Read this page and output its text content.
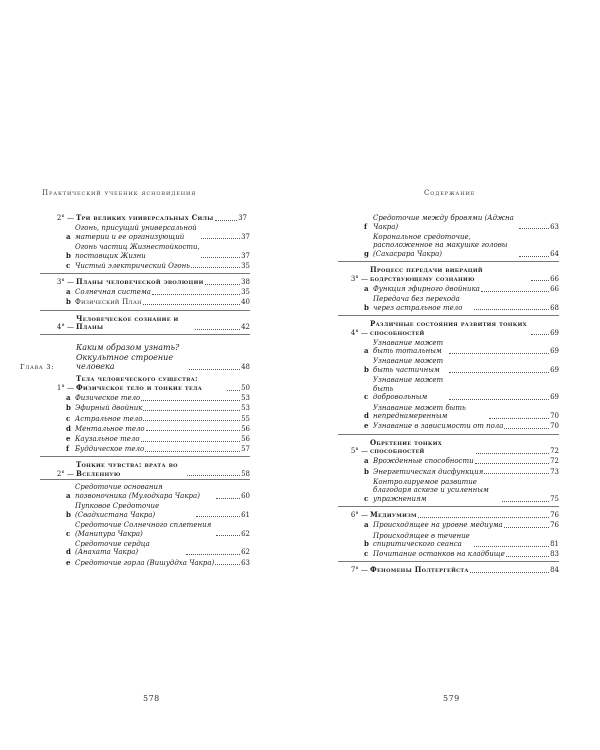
Практический учебник ясновидения
2° — Три великих универсальных Силы	37
a
Огонь, присущий универсальной материи и ее организующий	37
b
Огонь частиц Жизнестойкости, поставщик Жизни	37
c Чистый электрический Огонь	35
3° — Планы человеческой эволюции	38
a Солнечная система	35
b Физический План	40
4° —
Человеческое сознание и Планы	42
Глава 3:
Каким образом узнать? Оккультное строение человека	48
1° —
Тела человеческого существа: Физическое тело и тонкие тела	50
a Физическое тело	53
b Эфирный двойник	53
c Астральное тело	55
d Ментальное тело	56
e Каузальное тело	56
f Буддическое тело	57
2° —
Тонкие чувства: врата во Вселенную	58
a
Средоточие основания позвоночника (Мулодхара Чакра)	60
b
Пупковое Средоточие (Свадхистана Чакра)	61
c
Средоточие Солнечного сплетения (Манипура Чакра)	62
d
Средоточие сердца (Анахата Чакра)	62
e Средоточие горла (Вишуддха Чакра)	63
578
Содержание
f
Средоточие между бровями (Аджна Чакра)	63
g
Корональное средоточие, расположенное на макушке головы (Сахасрара Чакра)	64
3° —
Процесс передачи вибраций бодрствующему сознанию	66
a Функция эфирного двойника	66
b
Передача без перехода через астральное тело	68
4° —
Различные состояния развития тонких способностей	69
a
Узнавание может быть тотальным	69
b
Узнавание может быть частичным	69
c
Узнавание может быть добровольным	69
d
Узнавание может быть непреднамеренным	70
e Узнавание в зависимости от пола	70
5° —
Обретение тонких способностей	72
a Врожденные способности	72
b Энергетическая дисфункция	73
c
Контролируемое развитие благодаря аскезе и усиленным упражнениям	75
6° — Медиумизм	76
a Происходящее на уровне медиума	76
b
Происходящее в течение спиритического сеанса	81
c Почитание останков на кладбище	83
7° — Феномены Полтергейста	84
579
